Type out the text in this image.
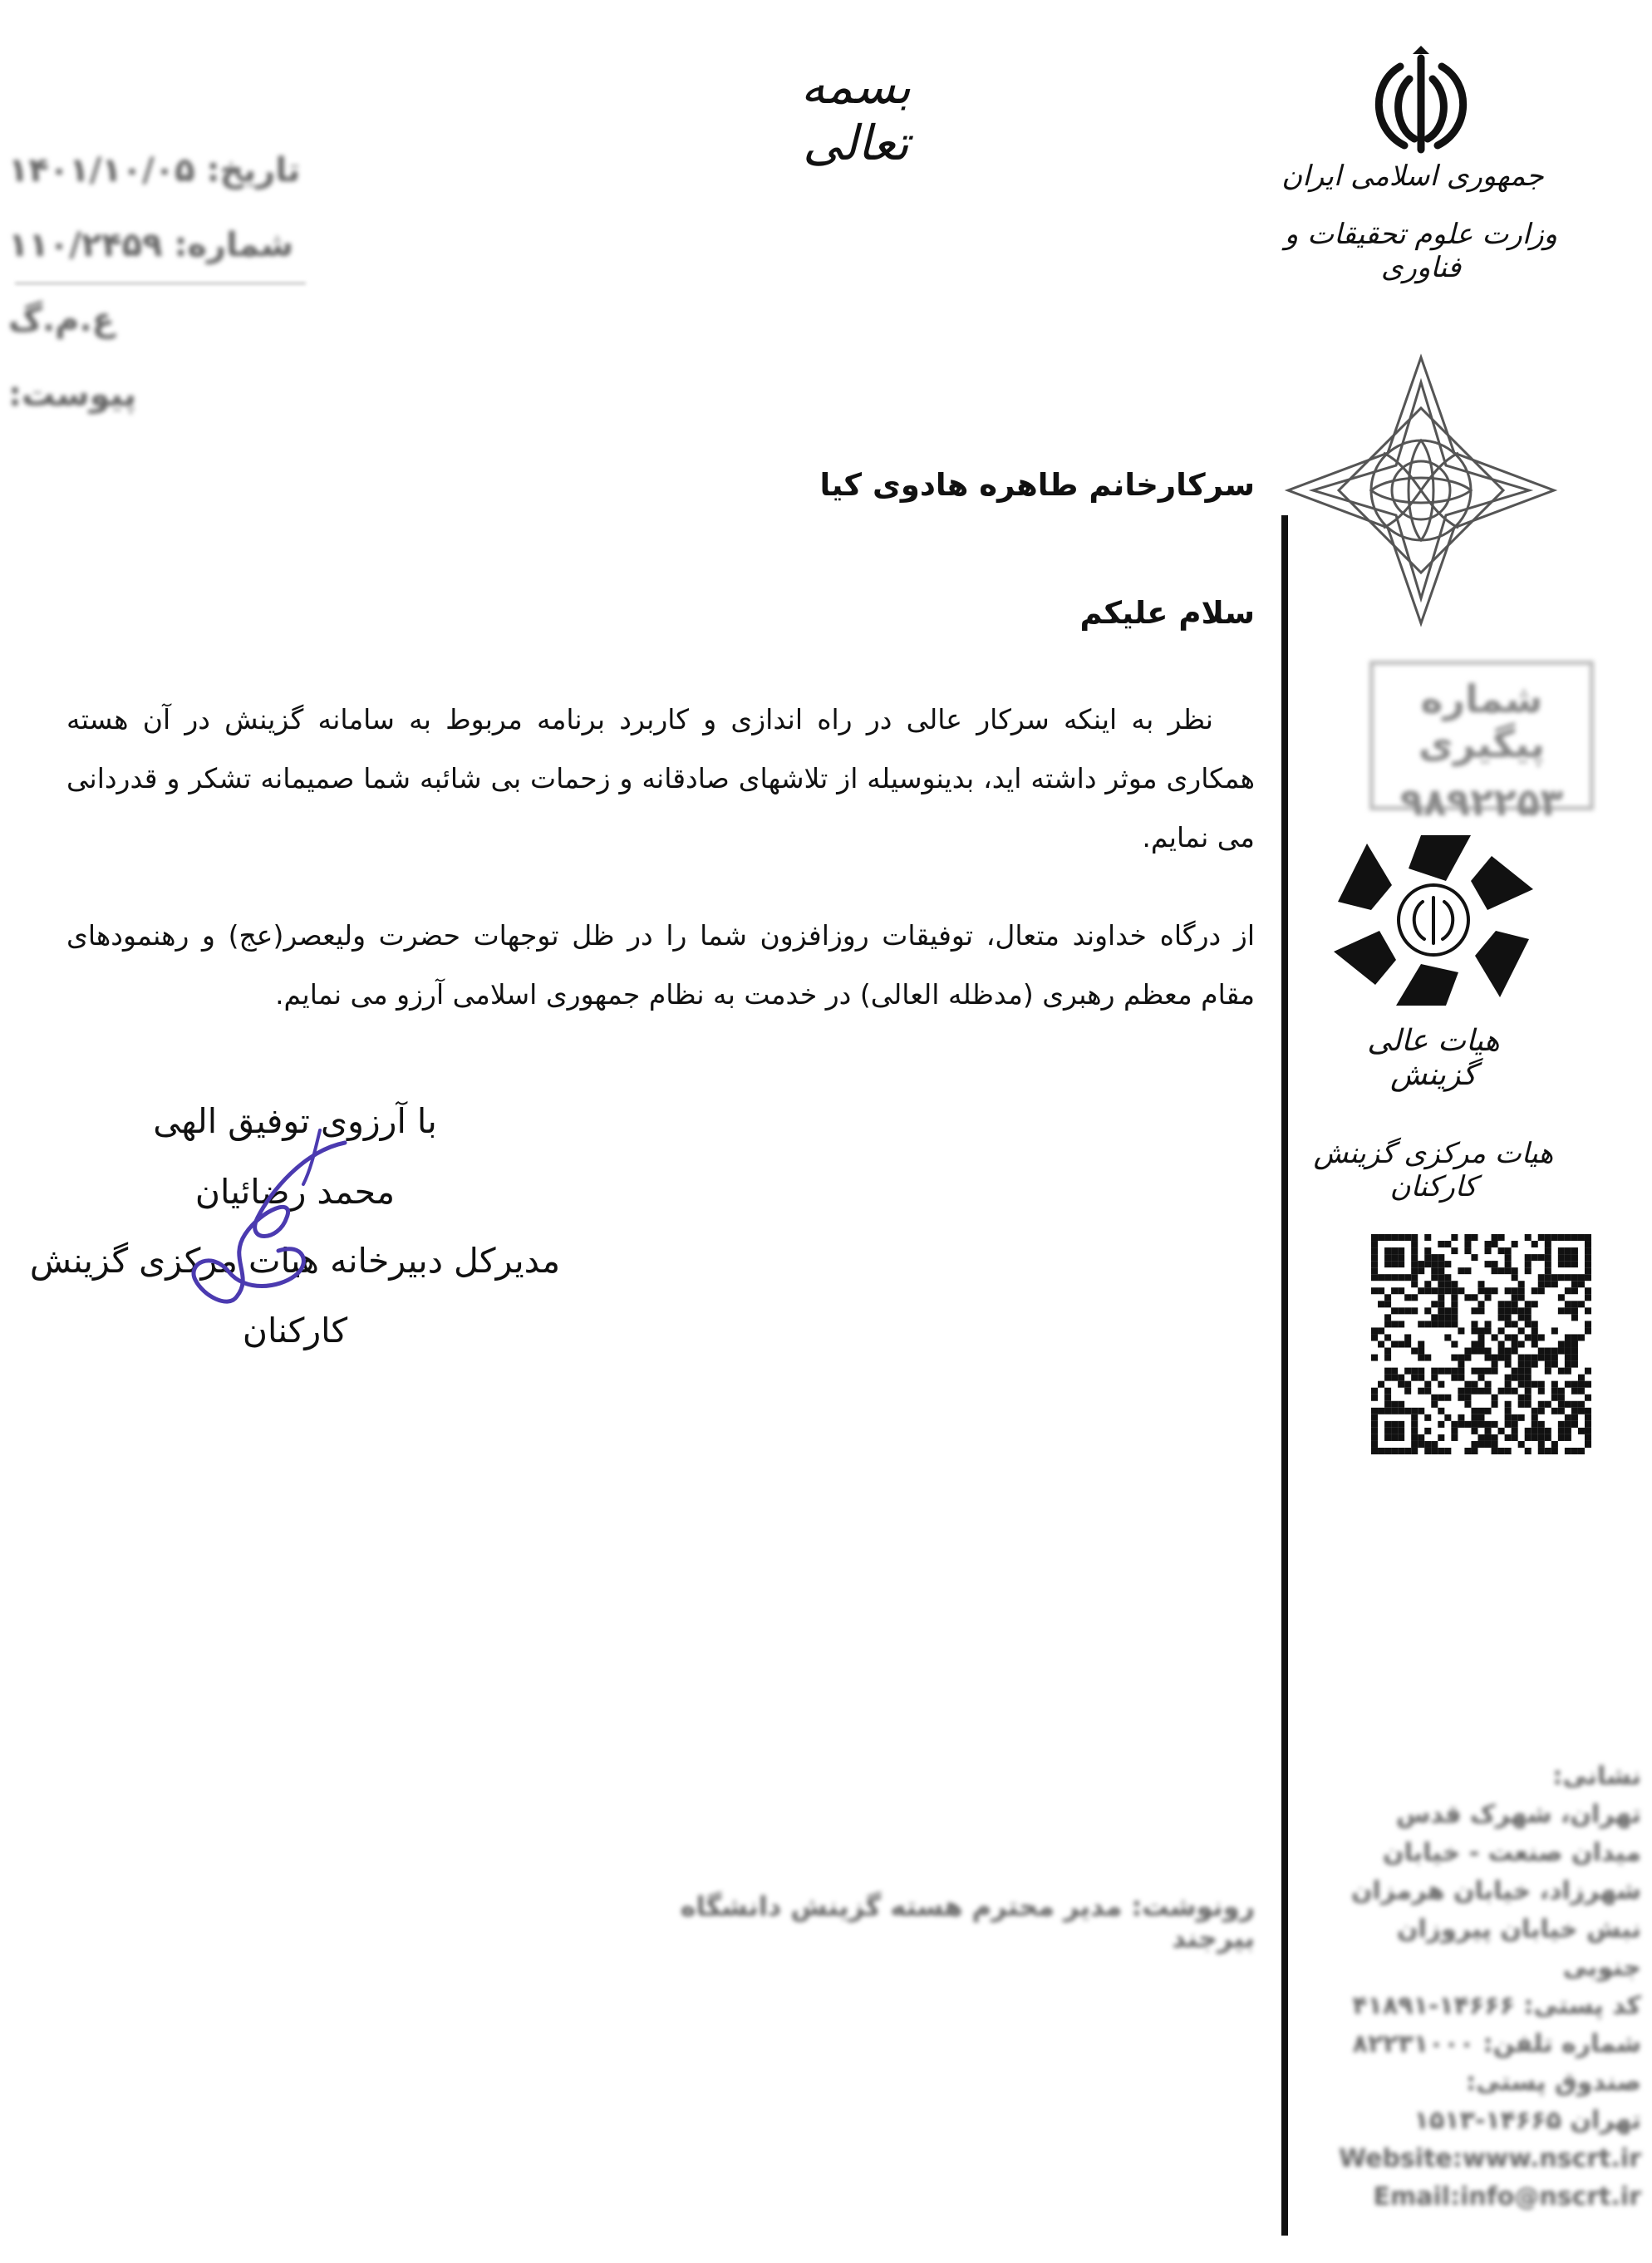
بسمه تعالی
جمهوری اسلامی ایران
وزارت علوم تحقیقات و فناوری
تاریخ: ۱۴۰۱/۱۰/۰۵
شماره: ۱۱۰/۲۴۵۹ ع.م.گ
پیوست:
شماره پیگیری
۹۸۹۲۲۵۳
هیات عالی گزینش
هیات مرکزی گزینش کارکنان
نشانی:
تهران، شهرک قدس
میدان صنعت - خیابان
شهرزاد، خیابان هرمزان
نبش خیابان پیروزان جنوبی
کد پستی: ۱۴۶۶۶-۴۱۸۹۱
شماره تلفن: ۸۲۲۳۱۰۰۰
صندوق پستی:
تهران ۱۴۶۶۵-۱۵۱۳
Website:www.nscrt.ir
Email:info@nscrt.ir
سرکارخانم طاهره هادوی کیا
سلام علیکم
نظر به اینکه سرکار عالی در راه اندازی و کاربرد برنامه مربوط به سامانه گزینش در آن هسته همکاری موثر داشته اید، بدینوسیله از تلاشهای صادقانه و زحمات بی شائبه شما صمیمانه تشکر و قدردانی می نمایم.
از درگاه خداوند متعال، توفیقات روزافزون شما را در ظل توجهات حضرت ولیعصر(عج) و رهنمودهای مقام معظم رهبری (مدظله العالی) در خدمت به نظام جمهوری اسلامی آرزو می نمایم.
با آرزوی توفیق الهی
محمد رضائیان
مدیرکل دبیرخانه هیات مرکزی گزینش
کارکنان
رونوشت: مدیر محترم هسته گزینش دانشگاه بیرجند
